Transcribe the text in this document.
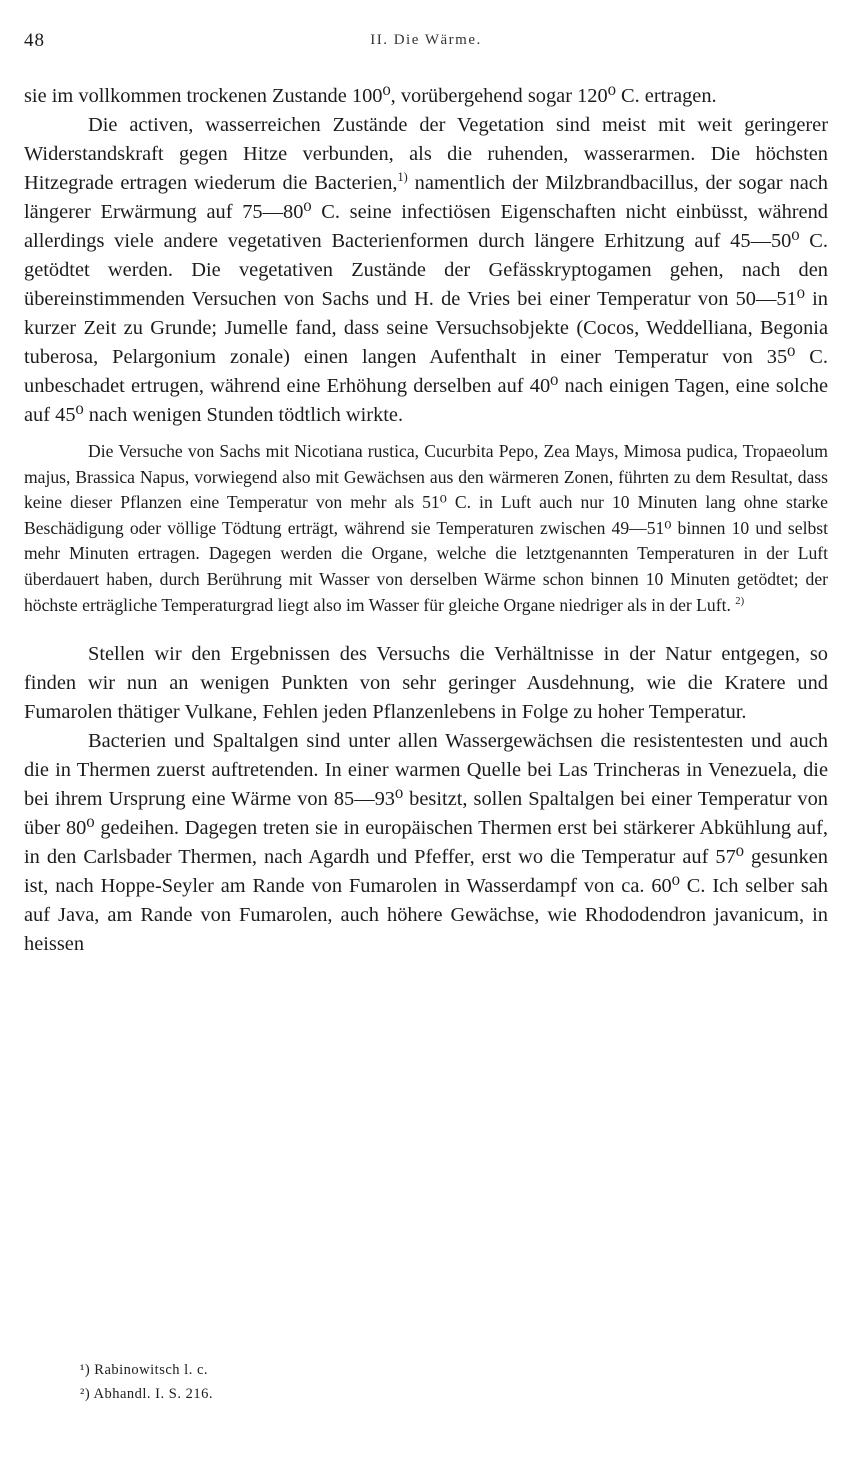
48	II. Die Wärme.

sie im vollkommen trockenen Zustande 100⁰, vorübergehend sogar 120⁰ C. ertragen.

Die activen, wasserreichen Zustände der Vegetation sind meist mit weit geringerer Widerstandskraft gegen Hitze verbunden, als die ruhenden, wasserarmen. Die höchsten Hitzegrade ertragen wiederum die Bacterien,$^{1)}$ namentlich der Milzbrandbacillus, der sogar nach längerer Erwärmung auf 75—80⁰ C. seine infectiösen Eigenschaften nicht einbüsst, während allerdings viele andere vegetativen Bacterienformen durch längere Erhitzung auf 45—50⁰ C. getödtet werden. Die vegetativen Zustände der Gefässkryptogamen gehen, nach den übereinstimmenden Versuchen von Sachs und H. de Vries bei einer Temperatur von 50—51⁰ in kurzer Zeit zu Grunde; Jumelle fand, dass seine Versuchsobjekte (Cocos, Weddelliana, Begonia tuberosa, Pelargonium zonale) einen langen Aufenthalt in einer Temperatur von 35⁰ C. unbeschadet ertrugen, während eine Erhöhung derselben auf 40⁰ nach einigen Tagen, eine solche auf 45⁰ nach wenigen Stunden tödtlich wirkte.

Die Versuche von Sachs mit Nicotiana rustica, Cucurbita Pepo, Zea Mays, Mimosa pudica, Tropaeolum majus, Brassica Napus, vorwiegend also mit Gewächsen aus den wärmeren Zonen, führten zu dem Resultat, dass keine dieser Pflanzen eine Temperatur von mehr als 51⁰ C. in Luft auch nur 10 Minuten lang ohne starke Beschädigung oder völlige Tödtung erträgt, während sie Temperaturen zwischen 49—51⁰ binnen 10 und selbst mehr Minuten ertragen. Dagegen werden die Organe, welche die letztgenannten Temperaturen in der Luft überdauert haben, durch Berührung mit Wasser von derselben Wärme schon binnen 10 Minuten getödtet; der höchste erträgliche Temperaturgrad liegt also im Wasser für gleiche Organe niedriger als in der Luft. $^{2)}$

Stellen wir den Ergebnissen des Versuchs die Verhältnisse in der Natur entgegen, so finden wir nun an wenigen Punkten von sehr geringer Ausdehnung, wie die Kratere und Fumarolen thätiger Vulkane, Fehlen jeden Pflanzenlebens in Folge zu hoher Temperatur.

Bacterien und Spaltalgen sind unter allen Wassergewächsen die resistentesten und auch die in Thermen zuerst auftretenden. In einer warmen Quelle bei Las Trincheras in Venezuela, die bei ihrem Ursprung eine Wärme von 85—93⁰ besitzt, sollen Spaltalgen bei einer Temperatur von über 80⁰ gedeihen. Dagegen treten sie in europäischen Thermen erst bei stärkerer Abkühlung auf, in den Carlsbader Thermen, nach Agardh und Pfeffer, erst wo die Temperatur auf 57⁰ gesunken ist, nach Hoppe-Seyler am Rande von Fumarolen in Wasserdampf von ca. 60⁰ C. Ich selber sah auf Java, am Rande von Fumarolen, auch höhere Gewächse, wie Rhododendron javanicum, in heissen

¹) Rabinowitsch l. c.
²) Abhandl. I. S. 216.
